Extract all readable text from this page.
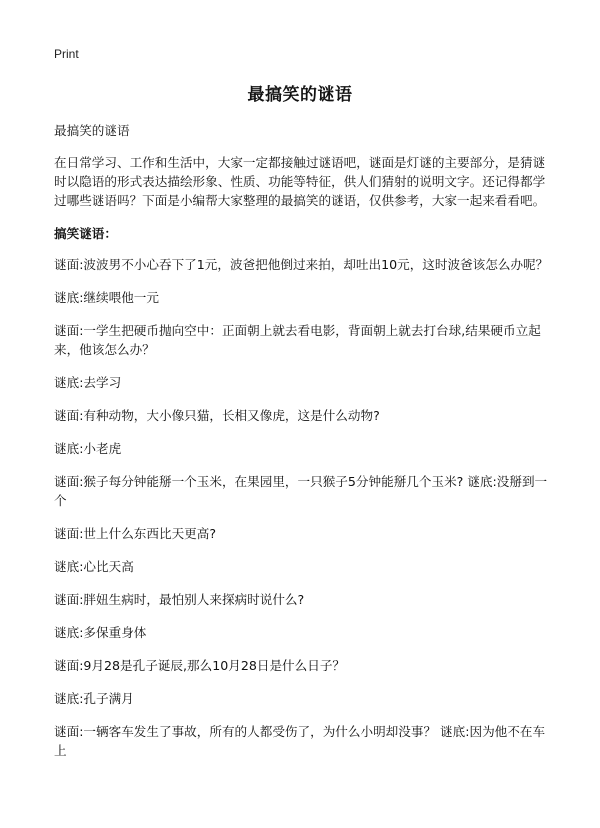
Print
最搞笑的谜语

最搞笑的谜语

在日常学习、工作和生活中，大家一定都接触过谜语吧，谜面是灯谜的主要部分，是猜谜时以隐语的形式表达描绘形象、性质、功能等特征，供人们猜射的说明文字。还记得都学过哪些谜语吗？下面是小编帮大家整理的最搞笑的谜语，仅供参考，大家一起来看看吧。

搞笑谜语：

谜面:波波男不小心吞下了1元，波爸把他倒过来拍，却吐出10元，这时波爸该怎么办呢？

谜底:继续喂他一元

谜面:一学生把硬币抛向空中：正面朝上就去看电影，背面朝上就去打台球,结果硬币立起来，他该怎么办？

谜底:去学习

谜面:有种动物，大小像只猫，长相又像虎，这是什么动物?

谜底:小老虎

谜面:猴子每分钟能掰一个玉米，在果园里，一只猴子5分钟能掰几个玉米? 谜底:没掰到一个

谜面:世上什么东西比天更高?

谜底:心比天高

谜面:胖妞生病时，最怕别人来探病时说什么?

谜底:多保重身体

谜面:9月28是孔子诞辰,那么10月28日是什么日子？

谜底:孔子满月

谜面:一辆客车发生了事故，所有的人都受伤了，为什么小明却没事？ 谜底:因为他不在车上
